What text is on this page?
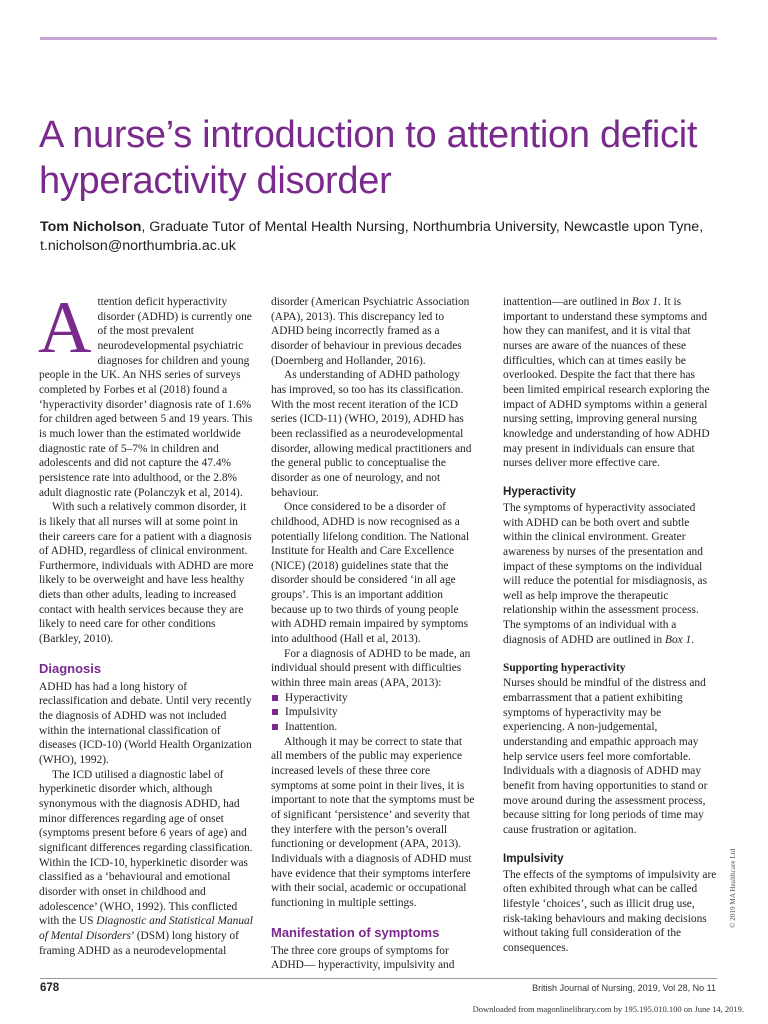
A nurse’s introduction to attention deficit hyperactivity disorder
Tom Nicholson, Graduate Tutor of Mental Health Nursing, Northumbria University, Newcastle upon Tyne,
t.nicholson@northumbria.ac.uk

Attention deficit hyperactivity disorder (ADHD) is currently one of the most prevalent neurodevelopmental psychiatric diagnoses for children and young people in the UK. An NHS series of surveys completed by Forbes et al (2018) found a ‘hyperactivity disorder’ diagnosis rate of 1.6% for children aged between 5 and 19 years. This is much lower than the estimated worldwide diagnostic rate of 5–7% in children and adolescents and did not capture the 47.4% persistence rate into adulthood, or the 2.8% adult diagnostic rate (Polanczyk et al, 2014).

With such a relatively common disorder, it is likely that all nurses will at some point in their careers care for a patient with a diagnosis of ADHD, regardless of clinical environment. Furthermore, individuals with ADHD are more likely to be overweight and have less healthy diets than other adults, leading to increased contact with health services because they are likely to need care for other conditions (Barkley, 2010).

Diagnosis

ADHD has had a long history of reclassification and debate. Until very recently the diagnosis of ADHD was not included within the international classification of diseases (ICD-10) (World Health Organization (WHO), 1992).

The ICD utilised a diagnostic label of hyperkinetic disorder which, although synonymous with the diagnosis ADHD, had minor differences regarding age of onset (symptoms present before 6 years of age) and significant differences regarding classification. Within the ICD-10, hyperkinetic disorder was classified as a ‘behavioural and emotional disorder with onset in childhood and adolescence’ (WHO, 1992). This conflicted with the US Diagnostic and Statistical Manual of Mental Disorders’ (DSM) long history of framing ADHD as a neurodevelopmental

disorder (American Psychiatric Association (APA), 2013). This discrepancy led to ADHD being incorrectly framed as a disorder of behaviour in previous decades (Doernberg and Hollander, 2016).

As understanding of ADHD pathology has improved, so too has its classification. With the most recent iteration of the ICD series (ICD-11) (WHO, 2019), ADHD has been reclassified as a neurodevelopmental disorder, allowing medical practitioners and the general public to conceptualise the disorder as one of neurology, and not behaviour.

Once considered to be a disorder of childhood, ADHD is now recognised as a potentially lifelong condition. The National Institute for Health and Care Excellence (NICE) (2018) guidelines state that the disorder should be considered ‘in all age groups’. This is an important addition because up to two thirds of young people with ADHD remain impaired by symptoms into adulthood (Hall et al, 2013).

For a diagnosis of ADHD to be made, an individual should present with difficulties within three main areas (APA, 2013):

Hyperactivity
Impulsivity
Inattention.

Although it may be correct to state that all members of the public may experience increased levels of these three core symptoms at some point in their lives, it is important to note that the symptoms must be of significant ‘persistence’ and severity that they interfere with the person’s overall functioning or development (APA, 2013). Individuals with a diagnosis of ADHD must have evidence that their symptoms interfere with their social, academic or occupational functioning in multiple settings.

Manifestation of symptoms

The three core groups of symptoms for ADHD— hyperactivity, impulsivity and

inattention—are outlined in Box 1. It is important to understand these symptoms and how they can manifest, and it is vital that nurses are aware of the nuances of these difficulties, which can at times easily be overlooked. Despite the fact that there has been limited empirical research exploring the impact of ADHD symptoms within a general nursing setting, improving general nursing knowledge and understanding of how ADHD may present in individuals can ensure that nurses deliver more effective care.

Hyperactivity

The symptoms of hyperactivity associated with ADHD can be both overt and subtle within the clinical environment. Greater awareness by nurses of the presentation and impact of these symptoms on the individual will reduce the potential for misdiagnosis, as well as help improve the therapeutic relationship within the assessment process. The symptoms of an individual with a diagnosis of ADHD are outlined in Box 1.

Supporting hyperactivity

Nurses should be mindful of the distress and embarrassment that a patient exhibiting symptoms of hyperactivity may be experiencing. A non-judgemental, understanding and empathic approach may help service users feel more comfortable. Individuals with a diagnosis of ADHD may benefit from having opportunities to stand or move around during the assessment process, because sitting for long periods of time may cause frustration or agitation.

Impulsivity

The effects of the symptoms of impulsivity are often exhibited through what can be called lifestyle ‘choices’, such as illicit drug use, risk-taking behaviours and making decisions without taking full consideration of the consequences.

© 2019 MA Healthcare Ltd
678	British Journal of Nursing, 2019, Vol 28, No 11
Downloaded from magonlinelibrary.com by 195.195.010.100 on June 14, 2019.
